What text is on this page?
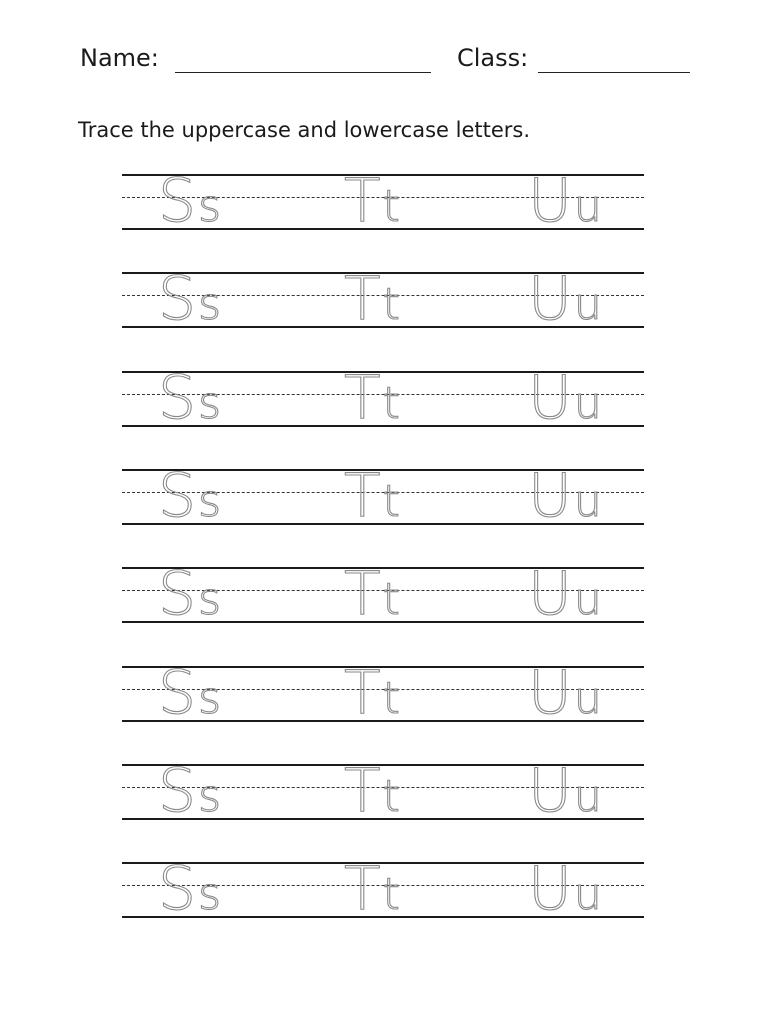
Name:	Class:
Trace the uppercase and lowercase letters.
Ss Tt Uu
Ss Tt Uu
Ss Tt Uu
Ss Tt Uu
Ss Tt Uu
Ss Tt Uu
Ss Tt Uu
Ss Tt Uu
